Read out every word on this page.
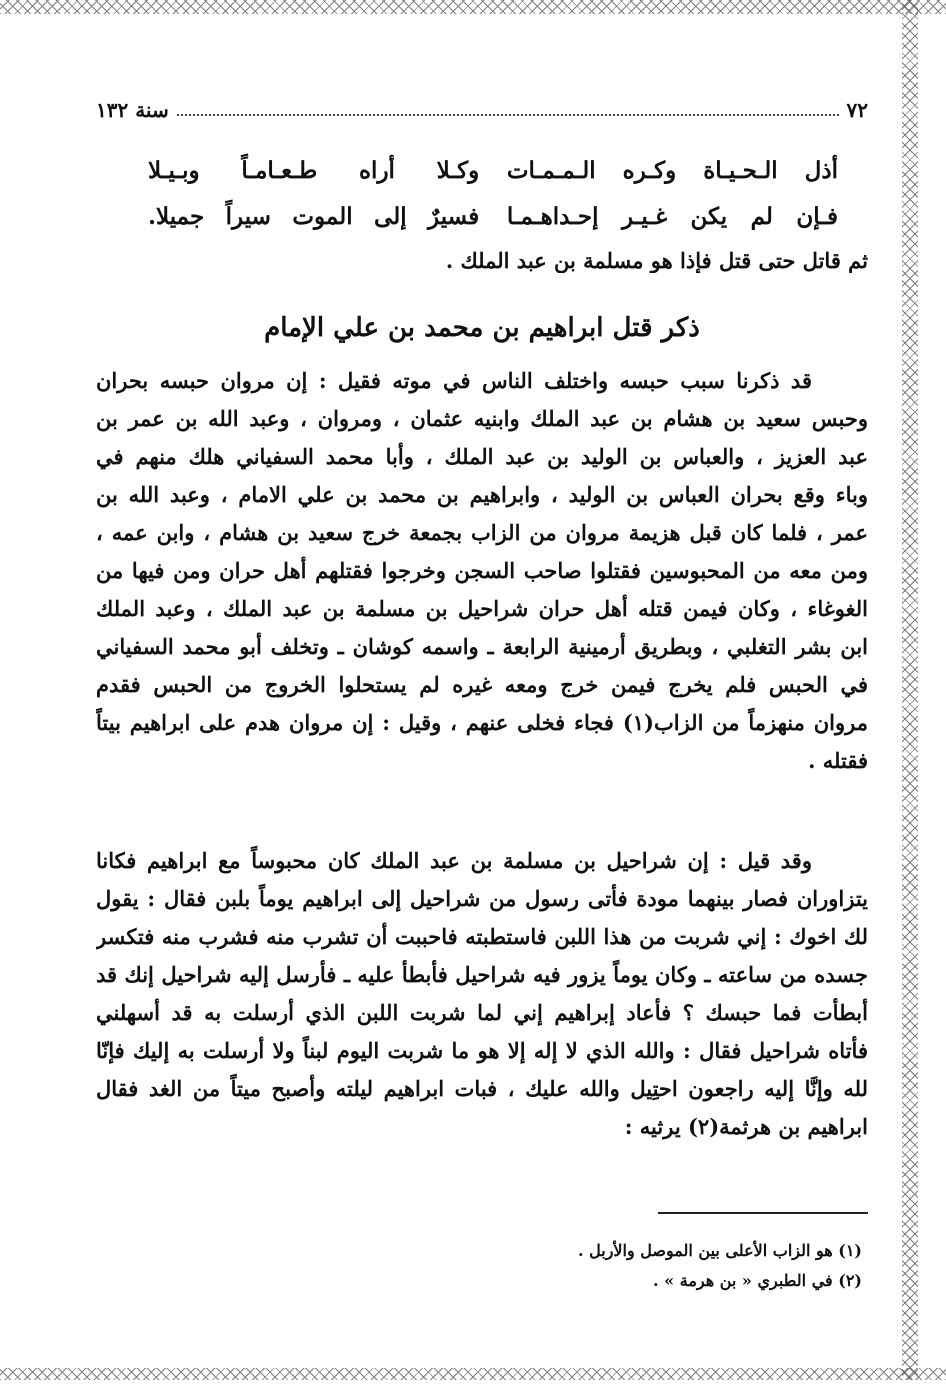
٧٢
سنة ١٣٢
أذل الـحـيـاة وكـره الـمـمـات
وكـلا أراه طـعـامـاً وبـيـلا
فـإن لم يكن غـيـر إحـداهـمـا
فسيرٌ إلى الموت سيراً جميلا.
ثم قاتل حتى قتل فإذا هو مسلمة بن عبد الملك .
ذكر قتل ابراهيم بن محمد بن علي الإمام
قد ذكرنا سبب حبسه واختلف الناس في موته فقيل : إن مروان حبسه بحران
وحبس سعيد بن هشام بن عبد الملك وابنيه عثمان ، ومروان ، وعبد الله بن عمر بن
عبد العزيز ، والعباس بن الوليد بن عبد الملك ، وأبا محمد السفياني هلك منهم في
وباء وقع بحران العباس بن الوليد ، وابراهيم بن محمد بن علي الامام ، وعبد الله بن
عمر ، فلما كان قبل هزيمة مروان من الزاب بجمعة خرج سعيد بن هشام ، وابن عمه ،
ومن معه من المحبوسين فقتلوا صاحب السجن وخرجوا فقتلهم أهل حران ومن فيها من
الغوغاء ، وكان فيمن قتله أهل حران شراحيل بن مسلمة بن عبد الملك ، وعبد الملك
ابن بشر التغلبي ، وبطريق أرمينية الرابعة ـ واسمه كوشان ـ وتخلف أبو محمد السفياني
في الحبس فلم يخرج فيمن خرج ومعه غيره لم يستحلوا الخروج من الحبس فقدم
مروان منهزماً من الزاب(١) فجاء فخلى عنهم ، وقيل : إن مروان هدم على ابراهيم بيتاً
فقتله .
وقد قيل : إن شراحيل بن مسلمة بن عبد الملك كان محبوساً مع ابراهيم فكانا
يتزاوران فصار بينهما مودة فأتى رسول من شراحيل إلى ابراهيم يوماً بلبن فقال : يقول
لك اخوك : إني شربت من هذا اللبن فاستطبته فاحببت أن تشرب منه فشرب منه فتكسر
جسده من ساعته ـ وكان يوماً يزور فيه شراحيل فأبطأ عليه ـ فأرسل إليه شراحيل إنك قد
أبطأت فما حبسك ؟ فأعاد إبراهيم إني لما شربت اللبن الذي أرسلت به قد أسهلني
فأتاه شراحيل فقال : والله الذي لا إله إلا هو ما شربت اليوم لبناً ولا أرسلت به إليك فإنّا
لله وإنَّا إليه راجعون احتِيل والله عليك ، فبات ابراهيم ليلته وأصبح ميتاً من الغد فقال
ابراهيم بن هرثمة(٢) يرثيه :
(١) هو الزاب الأعلى بين الموصل والأربل .
(٢) في الطبري « بن هرمة » .
